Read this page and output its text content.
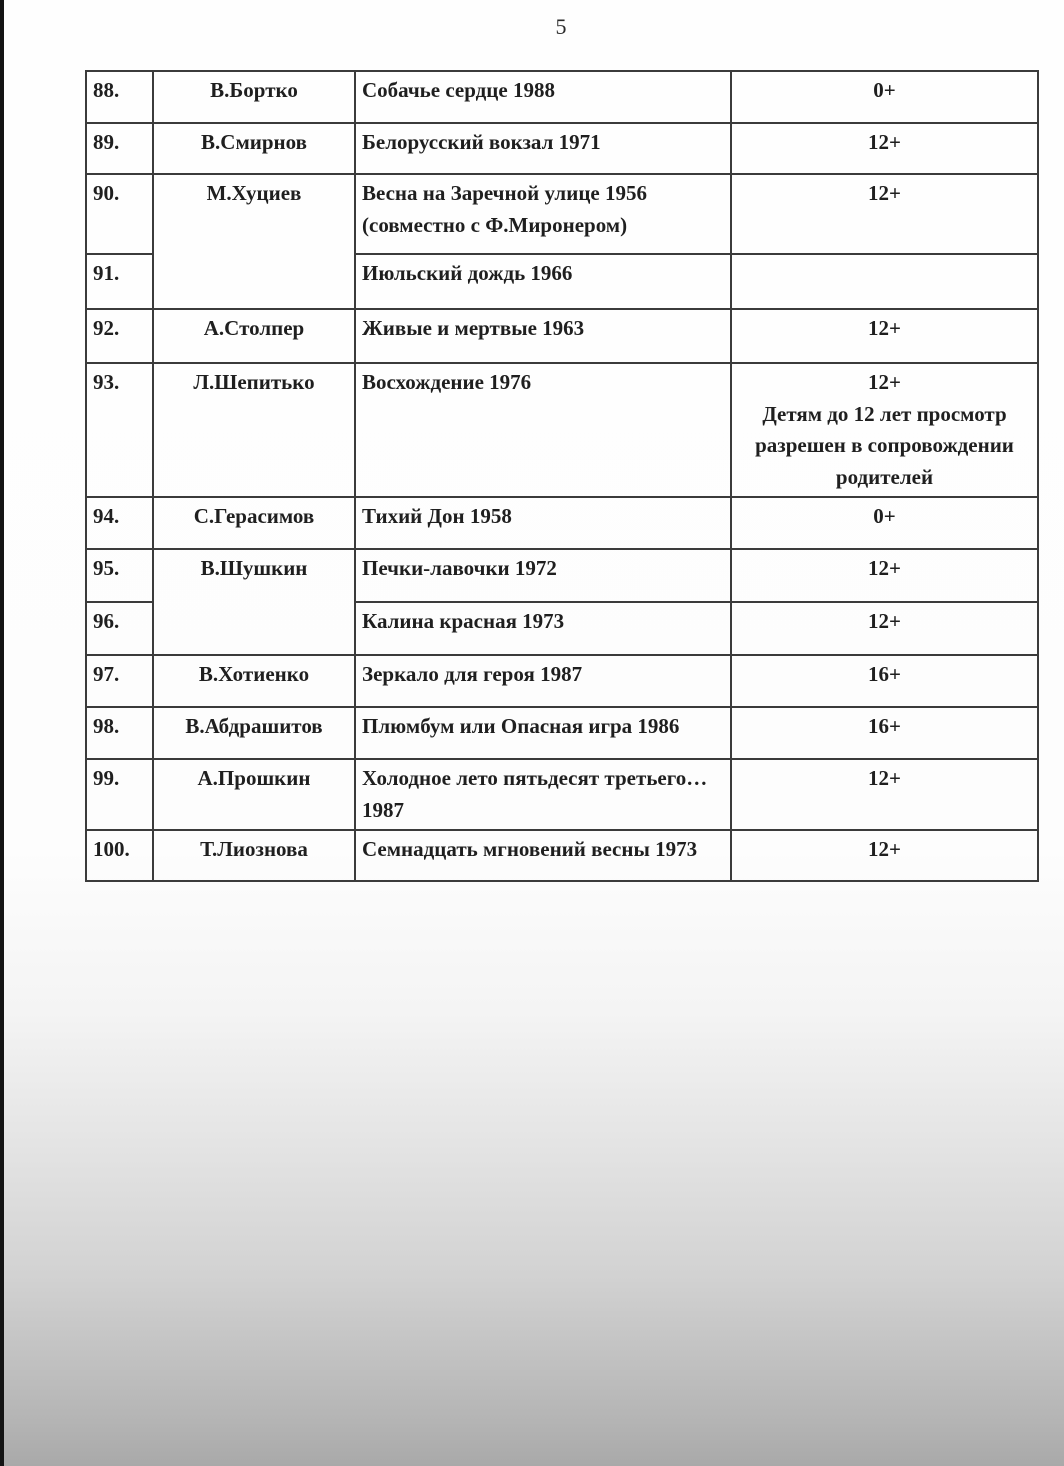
5
88.	В.Бортко	Собачье сердце 1988	0+
89.	В.Смирнов	Белорусский вокзал 1971	12+
90.	М.Хуциев	Весна на Заречной улице 1956 (совместно с Ф.Миронером)	12+
91.		Июльский дождь 1966	
92.	А.Столпер	Живые и мертвые 1963	12+
93.	Л.Шепитько	Восхождение 1976	12+
Детям до 12 лет просмотр разрешен в сопровождении родителей

94.	С.Герасимов	Тихий Дон 1958	0+
95.	В.Шушкин	Печки-лавочки 1972	12+
96.		Калина красная 1973	12+
97.	В.Хотиенко	Зеркало для героя 1987	16+
98.	В.Абдрашитов	Плюмбум или Опасная игра 1986	16+
99.	А.Прошкин	Холодное лето пятьдесят третьего…1987	12+
100.	Т.Лиознова	Семнадцать мгновений весны 1973	12+
